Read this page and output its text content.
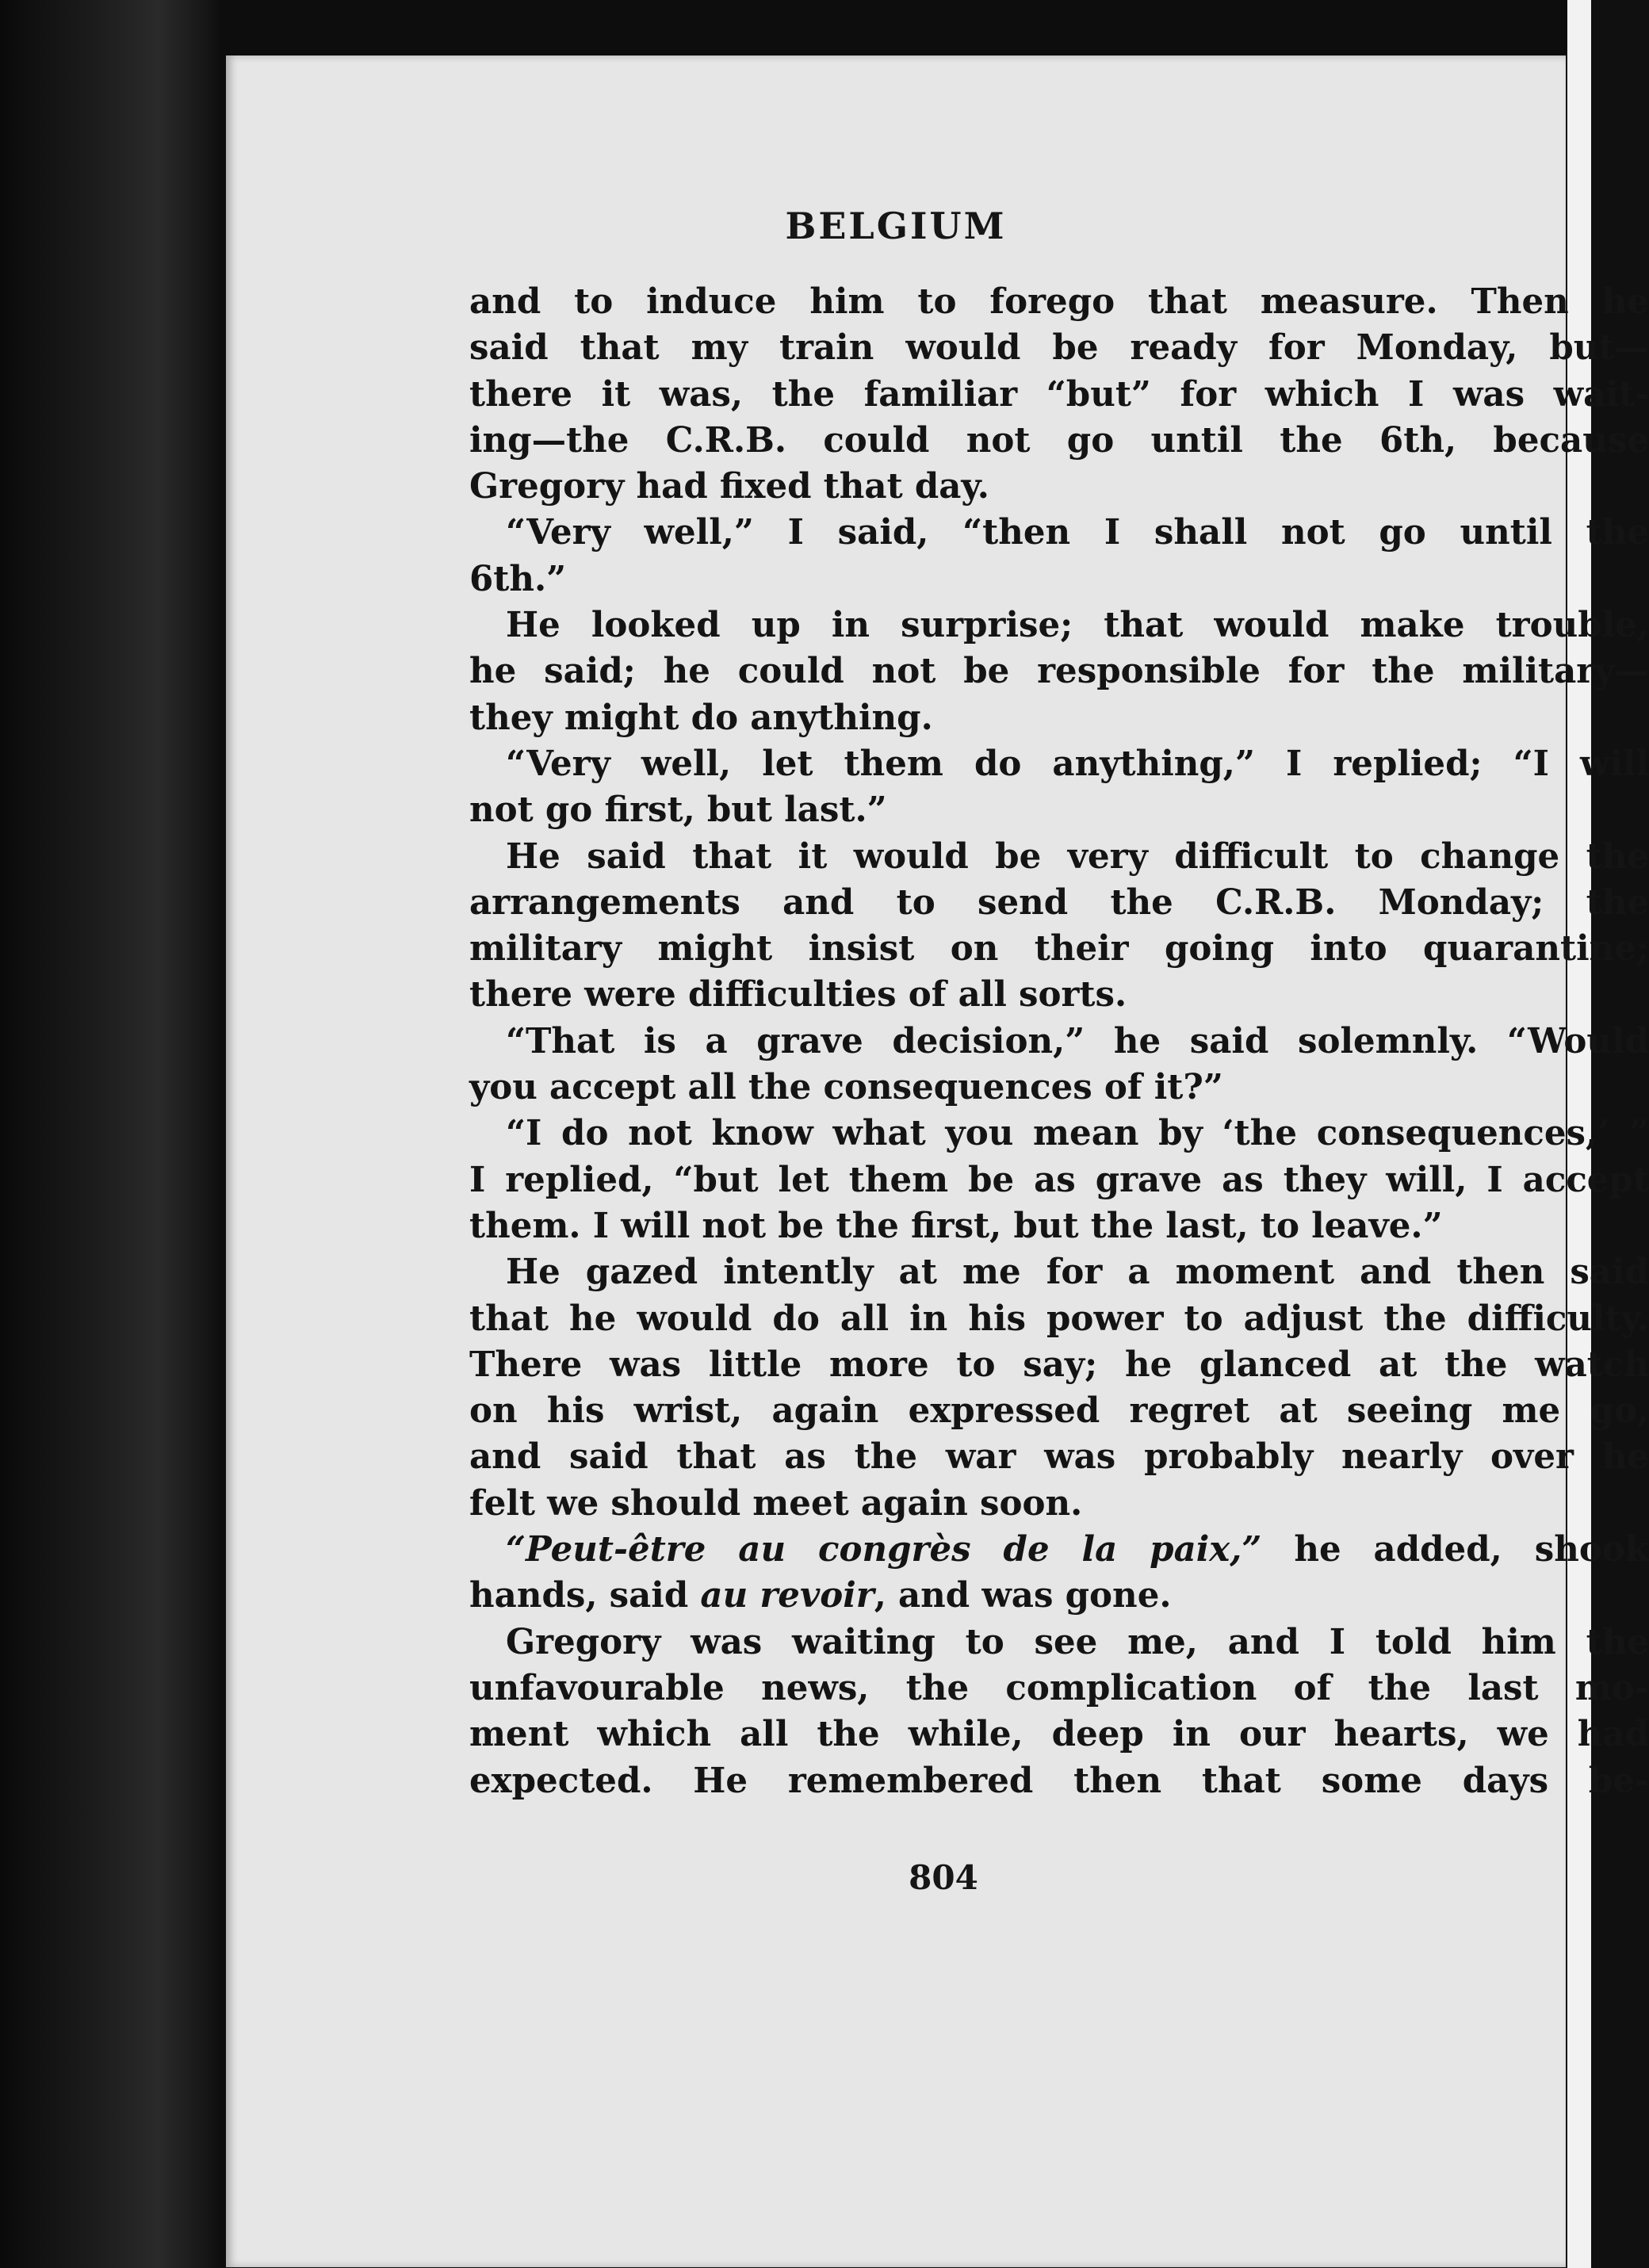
BELGIUM
and to induce him to forego that measure. Then he
said that my train would be ready for Monday, but—
there it was, the familiar “but” for which I was wait-
ing—the C.R.B. could not go until the 6th, because
Gregory had fixed that day.
“Very well,” I said, “then I shall not go until the
6th.”
He looked up in surprise; that would make trouble,
he said; he could not be responsible for the military—
they might do anything.
“Very well, let them do anything,” I replied; “I will
not go first, but last.”
He said that it would be very difficult to change the
arrangements and to send the C.R.B. Monday; the
military might insist on their going into quarantine;
there were difficulties of all sorts.
“That is a grave decision,” he said solemnly. “Would
you accept all the consequences of it?”
“I do not know what you mean by ‘the consequences,’ ”
I replied, “but let them be as grave as they will, I accept
them. I will not be the first, but the last, to leave.”
He gazed intently at me for a moment and then said
that he would do all in his power to adjust the difficulty.
There was little more to say; he glanced at the watch
on his wrist, again expressed regret at seeing me go,
and said that as the war was probably nearly over he
felt we should meet again soon.
“Peut-être au congrès de la paix,” he added, shook
hands, said au revoir, and was gone.
Gregory was waiting to see me, and I told him the
unfavourable news, the complication of the last mo-
ment which all the while, deep in our hearts, we had
expected. He remembered then that some days be-
804
